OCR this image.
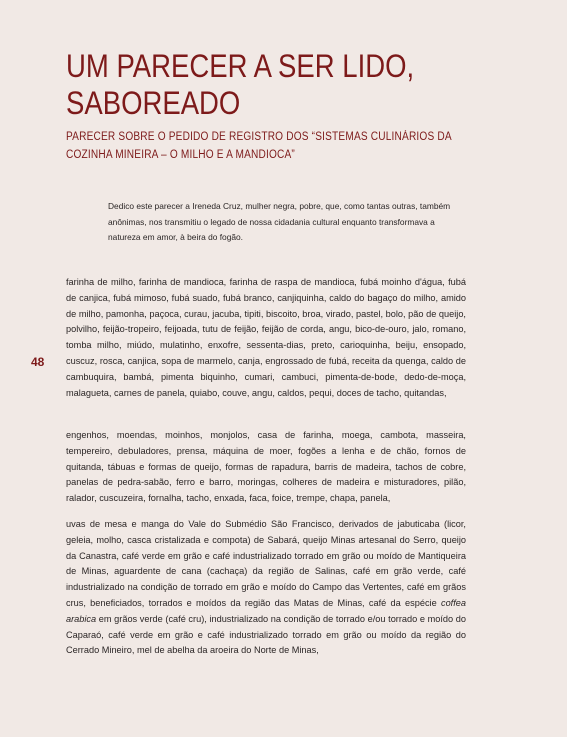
UM PARECER A SER LIDO, SABOREADO
PARECER SOBRE O PEDIDO DE REGISTRO DOS “SISTEMAS CULINÁRIOS DA COZINHA MINEIRA – O MILHO E A MANDIOCA”

Dedico este parecer a Ireneda Cruz, mulher negra, pobre, que, como tantas outras, também anônimas, nos transmitiu o legado de nossa cidadania cultural enquanto transformava a natureza em amor, à beira do fogão.

48

farinha de milho, farinha de mandioca, farinha de raspa de mandioca, fubá moinho d'água, fubá de canjica, fubá mimoso, fubá suado, fubá branco, canjiquinha, caldo do bagaço do milho, amido de milho, pamonha, paçoca, curau, jacuba, tipiti, biscoito, broa, virado, pastel, bolo, pão de queijo, polvilho, feijão-tropeiro, feijoada, tutu de feijão, feijão de corda, angu, bico-de-ouro, jalo, romano, tomba milho, miúdo, mulatinho, enxofre, sessenta-dias, preto, carioquinha, beiju, ensopado, cuscuz, rosca, canjica, sopa de marmelo, canja, engrossado de fubá, receita da quenga, caldo de cambuquira, bambá, pimenta biquinho, cumari, cambuci, pimenta-de-bode, dedo-de-moça, malagueta, carnes de panela, quiabo, couve, angu, caldos, pequi, doces de tacho, quitandas,

engenhos, moendas, moinhos, monjolos, casa de farinha, moega, cambota, masseira, tempereiro, debuladores, prensa, máquina de moer, fogões a lenha e de chão, fornos de quitanda, tábuas e formas de queijo, formas de rapadura, barris de madeira, tachos de cobre, panelas de pedra-sabão, ferro e barro, moringas, colheres de madeira e misturadores, pilão, ralador, cuscuzeira, fornalha, tacho, enxada, faca, foice, trempe, chapa, panela,

uvas de mesa e manga do Vale do Submédio São Francisco, derivados de jabuticaba (licor, geleia, molho, casca cristalizada e compota) de Sabará, queijo Minas artesanal do Serro, queijo da Canastra, café verde em grão e café industrializado torrado em grão ou moído de Mantiqueira de Minas, aguardente de cana (cachaça) da região de Salinas, café em grão verde, café industrializado na condição de torrado em grão e moído do Campo das Vertentes, café em grãos crus, beneficiados, torrados e moídos da região das Matas de Minas, café da espécie coffea arabica em grãos verde (café cru), industrializado na condição de torrado e/ou torrado e moído do Caparaó, café verde em grão e café industrializado torrado em grão ou moído da região do Cerrado Mineiro, mel de abelha da aroeira do Norte de Minas,
